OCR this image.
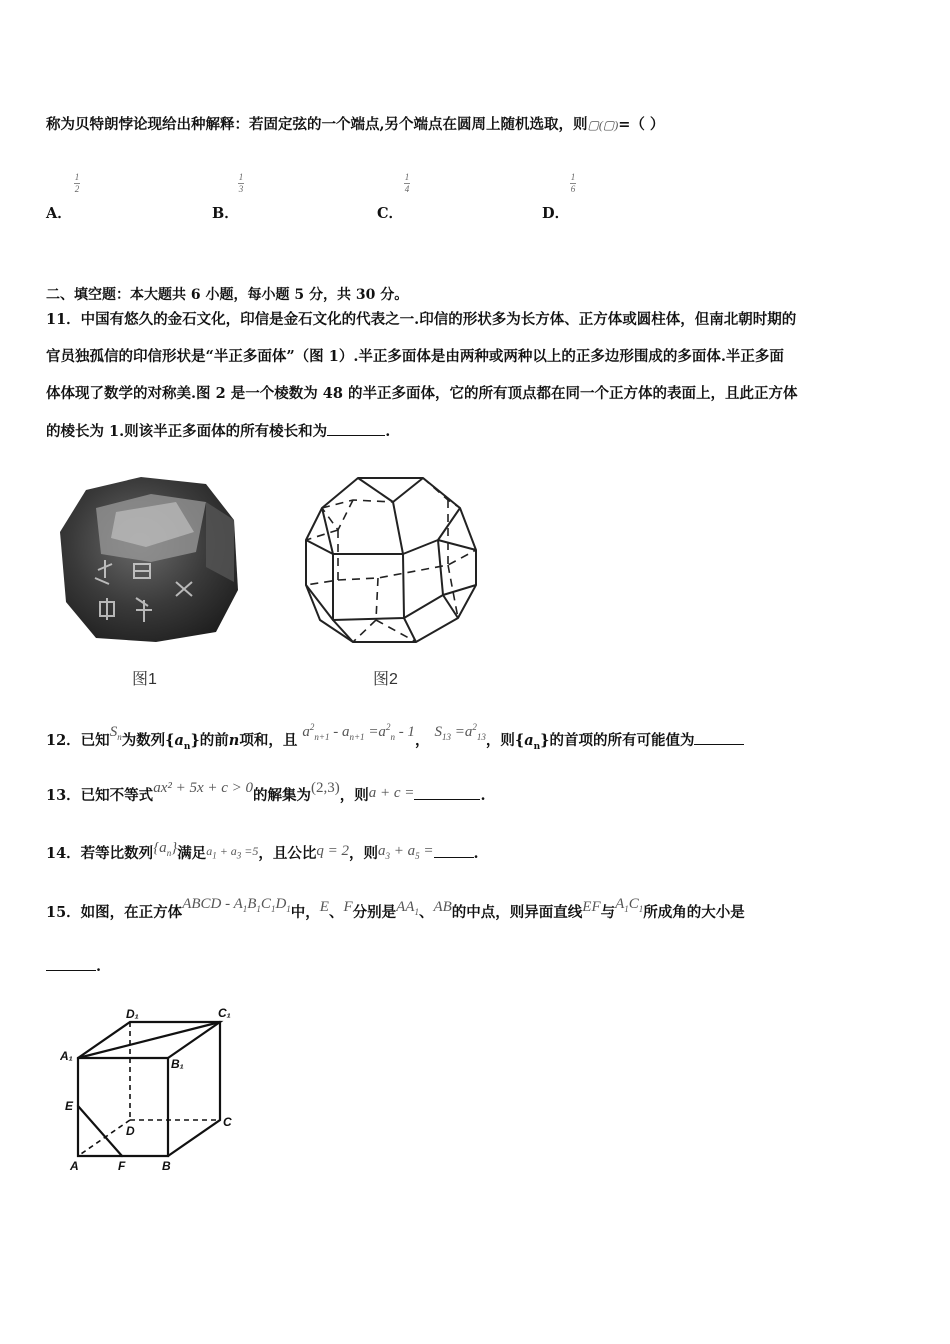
称为贝特朗悖论现给出种解释：若固定弦的一个端点,另个端点在圆周上随机选取，则▢(▢)=（ ）
1
2
1
3
1
4
1
6
A．	B．	C．	D．
二、填空题：本大题共 6 小题，每小题 5 分，共 30 分。
11．中国有悠久的金石文化，印信是金石文化的代表之一.印信的形状多为长方体、正方体或圆柱体，但南北朝时期的
官员独孤信的印信形状是“半正多面体”（图 1）.半正多面体是由两种或两种以上的正多边形围成的多面体.半正多面
体体现了数学的对称美.图 2 是一个棱数为 48 的半正多面体，它的所有顶点都在同一个正方体的表面上，且此正方体
的棱长为 1.则该半正多面体的所有棱长和为	.
图1	图2
12．已知$S_n$为数列$\{a_n\}$的前n项和，且 $a^2_{n+1} - a_{n+1} =a^2_n - 1$， $S_{13} =a^2_{13}$，则$\{a_n\}$的首项的所有可能值为
13．已知不等式ax² + 5x + c > 0的解集为(2,3)，则a + c =	.
14．若等比数列$\{a_n\}$满足$^{a_1 + a_3 =5}$，且公比q = 2，则$a_3 + a_5$ =	.
15．如图，在正方体ABCD - $A_1B_1C_1D_1$中，E、F分别是$AA_1$、AB的中点，则异面直线EF与$A_1C_1$所成角的大小是
.
D₁	C₁
A₁
B₁
E
D
C
A	F	B
